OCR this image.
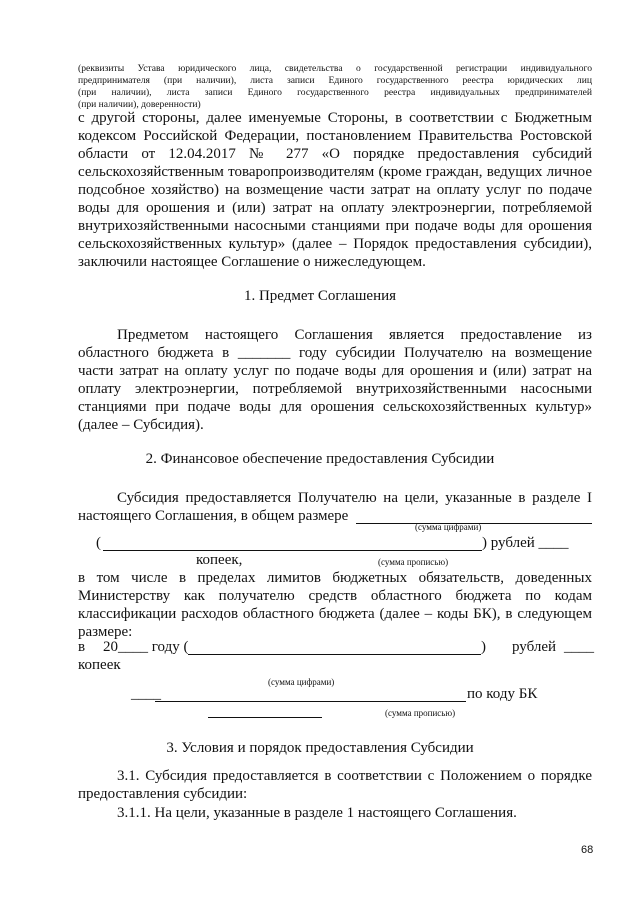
(реквизиты Устава юридического лица, свидетельства о государственной регистрации индивидуального
предпринимателя (при наличии), листа записи Единого государственного реестра юридических лиц
(при наличии), листа записи Единого государственного реестра индивидуальных предпринимателей
(при наличии), доверенности)
с другой стороны, далее именуемые Стороны, в соответствии с Бюджетным
кодексом Российской Федерации, постановлением Правительства Ростовской
области от 12.04.2017 № 277 «О порядке предоставления субсидий
сельскохозяйственным товаропроизводителям (кроме граждан, ведущих личное
подсобное хозяйство) на возмещение части затрат на оплату услуг по подаче
воды для орошения и (или) затрат на оплату электроэнергии, потребляемой
внутрихозяйственными насосными станциями при подаче воды для орошения
сельскохозяйственных культур» (далее – Порядок предоставления субсидии),
заключили настоящее Соглашение о нижеследующем.
1. Предмет Соглашения
Предметом настоящего Соглашения является предоставление из
областного бюджета в _______ году субсидии Получателю на возмещение
части затрат на оплату услуг по подаче воды для орошения и (или) затрат на
оплату электроэнергии, потребляемой внутрихозяйственными насосными
станциями при подаче воды для орошения сельскохозяйственных культур»
(далее – Субсидия).
2. Финансовое обеспечение предоставления Субсидии
Субсидия предоставляется Получателю на цели, указанные в разделе I
настоящего Соглашения, в общем размере
(сумма цифрами)
(	) рублей ____
копеек,	(сумма прописью)
в том числе в пределах лимитов бюджетных обязательств, доведенных
Министерству как получателю средств областного бюджета по кодам
классификации расходов областного бюджета (далее – коды БК), в следующем
размере:
в 20____ году (	) рублей ____
копеек
(сумма цифрами)
____	по коду БК
(сумма прописью)
3. Условия и порядок предоставления Субсидии
3.1. Субсидия предоставляется в соответствии с Положением о порядке
предоставления субсидии:
3.1.1. На цели, указанные в разделе 1 настоящего Соглашения.
68
